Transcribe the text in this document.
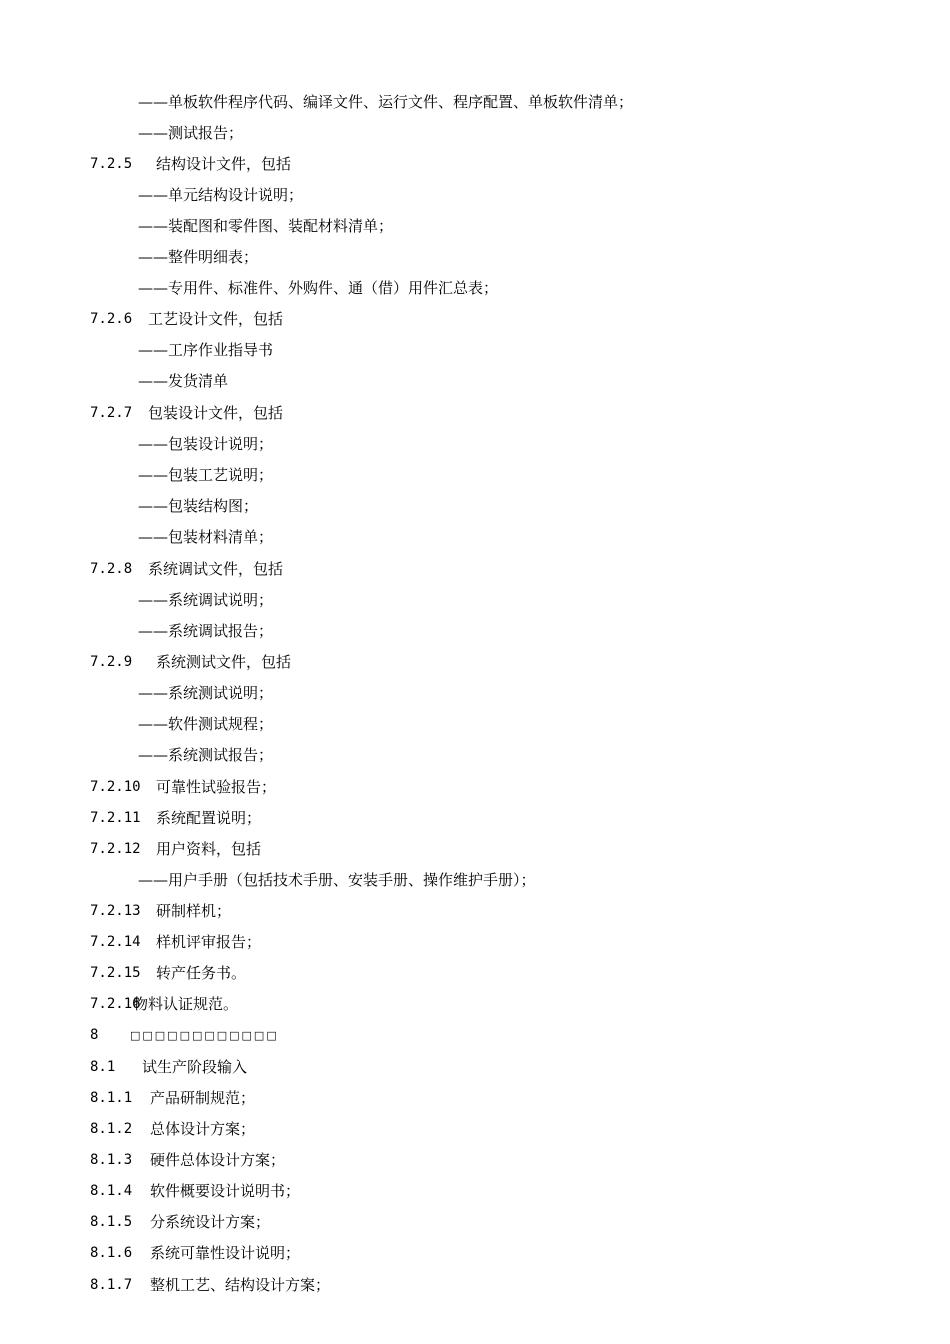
——单板软件程序代码、编译文件、运行文件、程序配置、单板软件清单；
——测试报告；
7.2.5 结构设计文件，包括
——单元结构设计说明；
——装配图和零件图、装配材料清单；
——整件明细表；
——专用件、标准件、外购件、通（借）用件汇总表；
7.2.6 工艺设计文件，包括
——工序作业指导书
——发货清单
7.2.7 包装设计文件，包括
——包装设计说明；
——包装工艺说明；
——包装结构图；
——包装材料清单；
7.2.8 系统调试文件，包括
——系统调试说明；
——系统调试报告；
7.2.9 系统测试文件，包括
——系统测试说明；
——软件测试规程；
——系统测试报告；
7.2.10 可靠性试验报告；
7.2.11 系统配置说明；
7.2.12 用户资料，包括
——用户手册（包括技术手册、安装手册、操作维护手册）；
7.2.13 研制样机；
7.2.14 样机评审报告；
7.2.15 转产任务书。
7.2.16
物料认证规范。
8	□□□□□□□□□□□□
8.1 试生产阶段输入
8.1.1 产品研制规范；
8.1.2 总体设计方案；
8.1.3 硬件总体设计方案；
8.1.4 软件概要设计说明书；
8.1.5 分系统设计方案；
8.1.6 系统可靠性设计说明；
8.1.7 整机工艺、结构设计方案；
